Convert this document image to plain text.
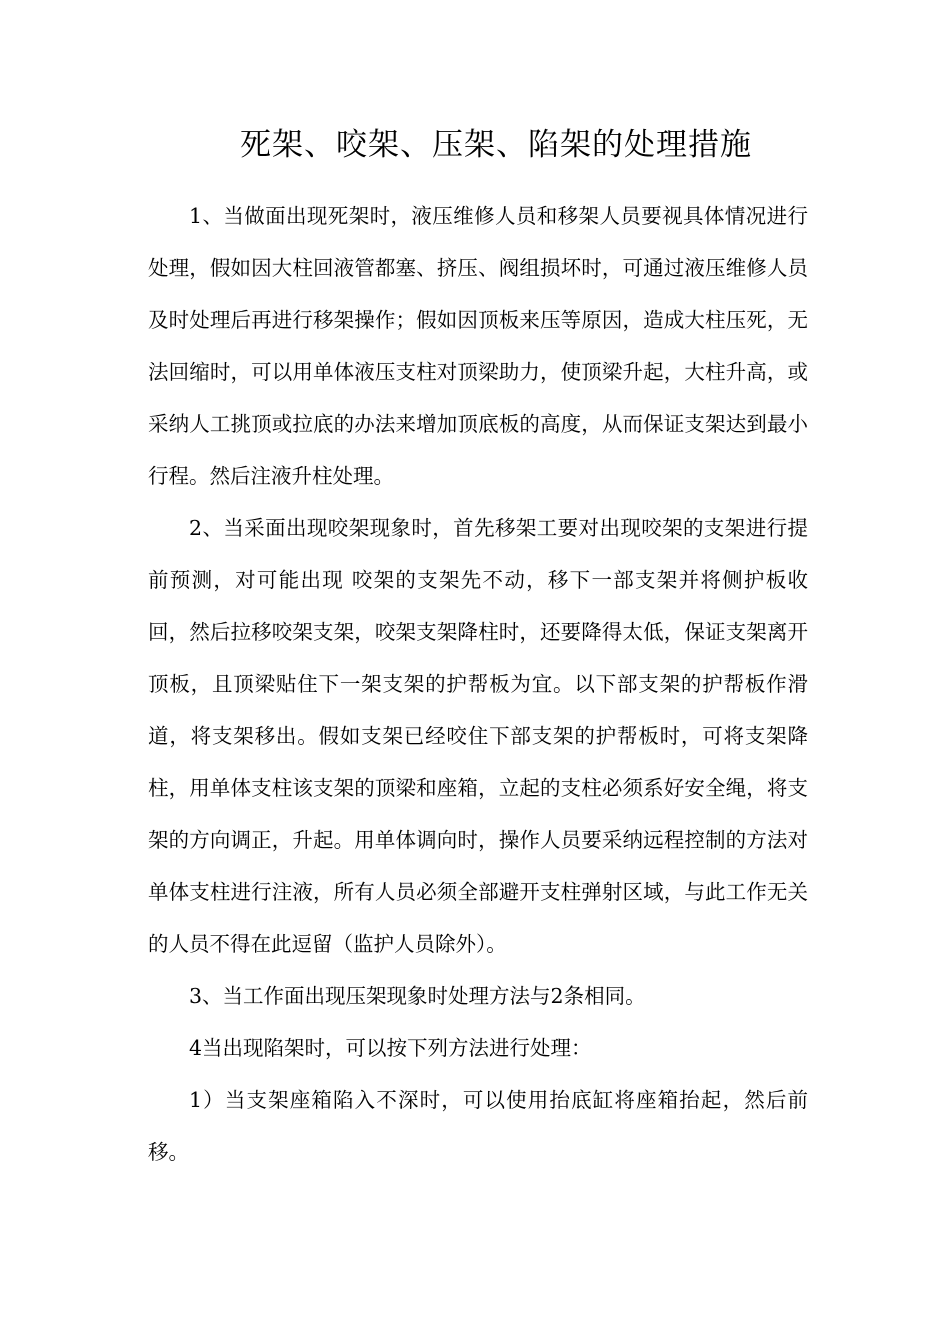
死架、咬架、压架、陷架的处理措施

1、当做面出现死架时，液压维修人员和移架人员要视具体情况进行处理，假如因大柱回液管都塞、挤压、阀组损坏时，可通过液压维修人员及时处理后再进行移架操作；假如因顶板来压等原因，造成大柱压死，无法回缩时，可以用单体液压支柱对顶梁助力，使顶梁升起，大柱升高，或采纳人工挑顶或拉底的办法来增加顶底板的高度，从而保证支架达到最小行程。然后注液升柱处理。

2、当采面出现咬架现象时，首先移架工要对出现咬架的支架进行提前预测，对可能出现 咬架的支架先不动，移下一部支架并将侧护板收回，然后拉移咬架支架，咬架支架降柱时，还要降得太低，保证支架离开顶板，且顶梁贴住下一架支架的护帮板为宜。以下部支架的护帮板作滑道，将支架移出。假如支架已经咬住下部支架的护帮板时，可将支架降柱，用单体支柱该支架的顶梁和座箱，立起的支柱必须系好安全绳，将支架的方向调正，升起。用单体调向时，操作人员要采纳远程控制的方法对单体支柱进行注液，所有人员必须全部避开支柱弹射区域，与此工作无关的人员不得在此逗留（监护人员除外）。

3、当工作面出现压架现象时处理方法与2条相同。

4当出现陷架时，可以按下列方法进行处理：

1）当支架座箱陷入不深时，可以使用抬底缸将座箱抬起，然后前移。
